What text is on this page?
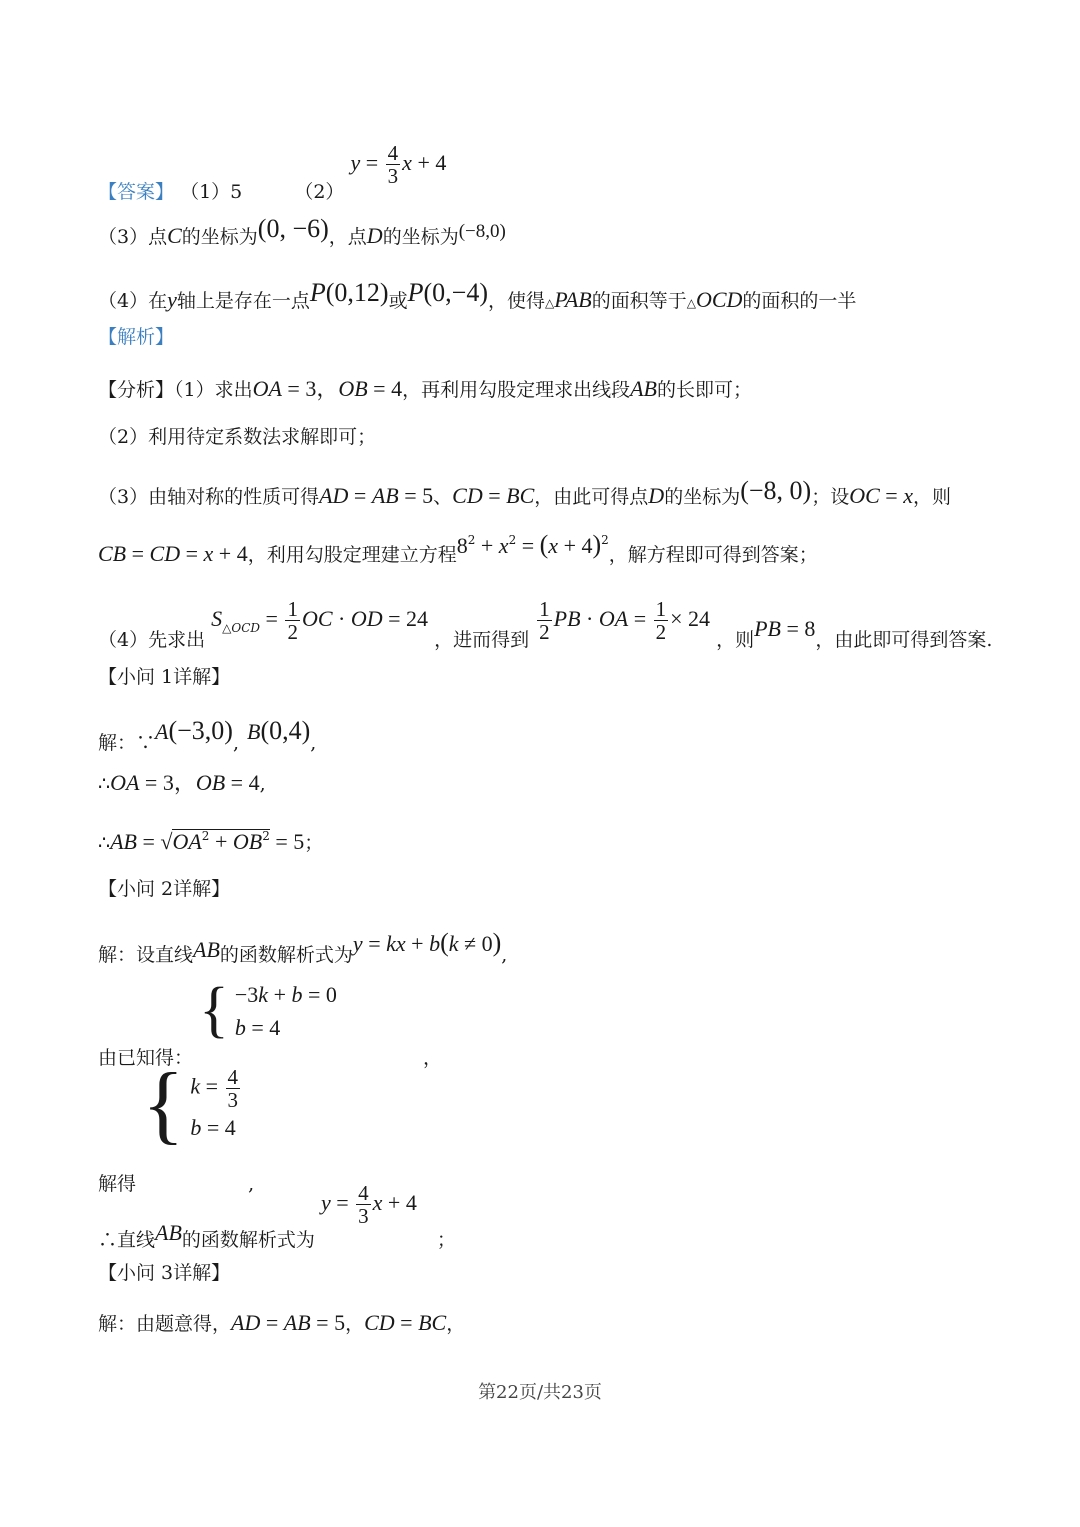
【答案】 （1）5	（2） $y = \frac{4}{3}$ x + 4
（3）点C的坐标为(0, −6)，点D的坐标为(−8,0)
（4）在y轴上是存在一点P(0,12)或P(0,−4)，使得△PAB的面积等于△OCD的面积的一半
【解析】
【分析】（1）求出OA = 3，OB = 4，再利用勾股定理求出线段AB的长即可；
（2）利用待定系数法求解即可；
（3）由轴对称的性质可得AD = AB = 5、CD = BC，由此可得点D的坐标为(−8, 0)；设OC = x，则
CB = CD = x + 4，利用勾股定理建立方程$8^2 + x^2 = (x + 4)^2$，解方程即可得到答案；
（4）先求出 $S_{\triangle OCD} = \frac{1}{2}$ OC · OD = 24 ，进而得到 $\frac{1}{2}$ PB · OA = $\frac{1}{2} \times 24$ ，则PB = 8，由此即可得到答案.
【小问 1详解】
解：∵A(−3,0), B(0,4),
∴OA = 3，OB = 4,
∴AB = $√OA^2 + OB^2 = 5$；
【小问 2详解】
解：设直线AB的函数解析式为y = kx + b(k ≠ 0),
由已知得： { −3k + b = 0
b = 4
，
解得 { $k = \frac{4}{3}$
b = 4
,
∴直线AB的函数解析式为 $y = \frac{4}{3}$ x + 4 ；
【小问 3详解】
解：由题意得，AD = AB = 5，CD = BC，
第22页/共23页
